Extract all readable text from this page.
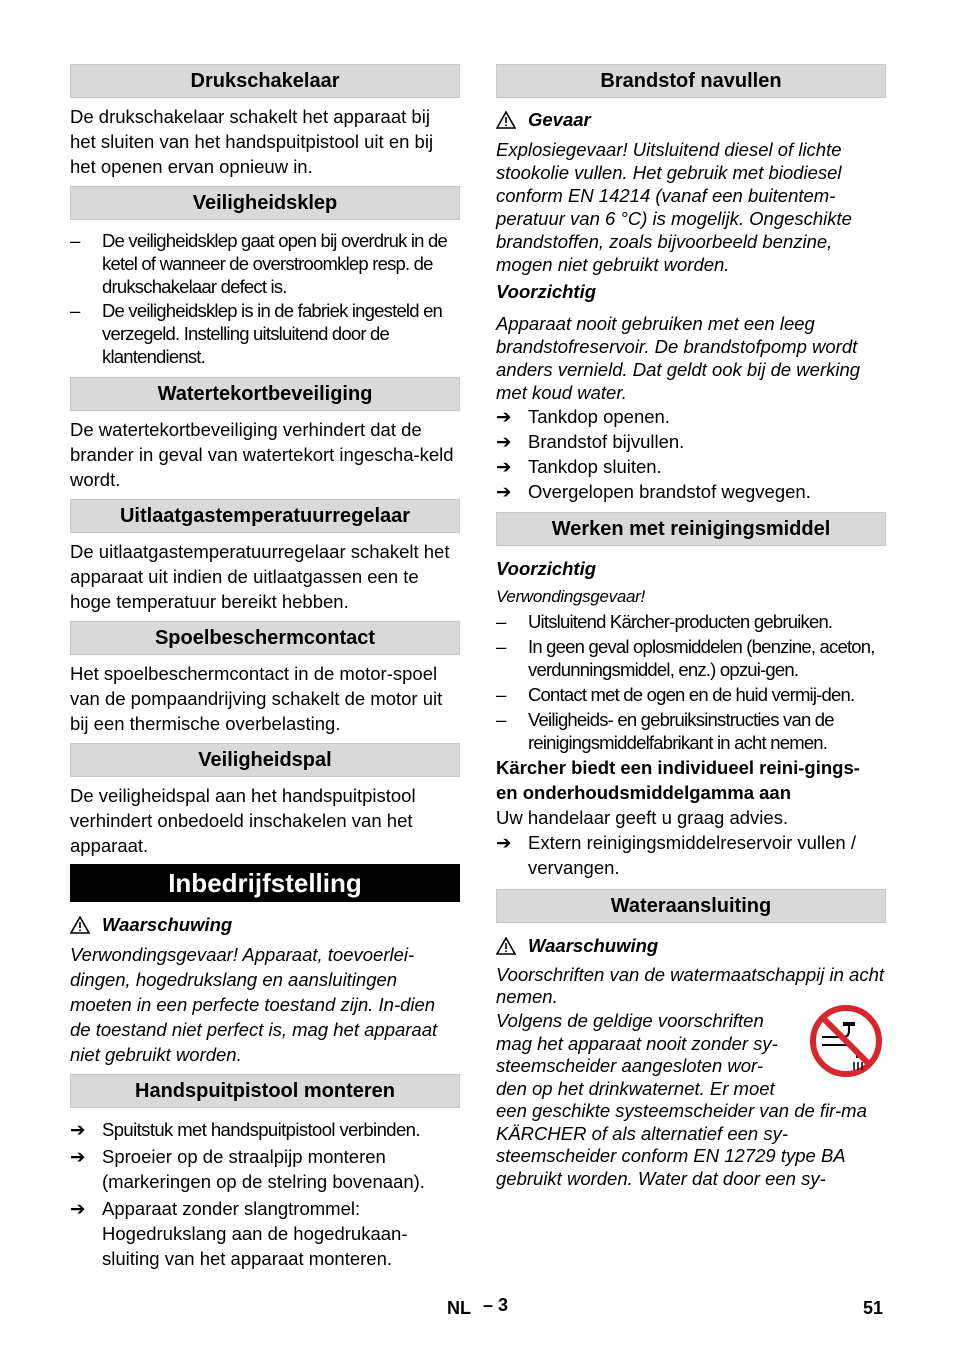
Drukschakelaar

De drukschakelaar schakelt het apparaat bij het sluiten van het handspuitpistool uit en bij het openen ervan opnieuw in.

Veiligheidsklep
–	De veiligheidsklep gaat open bij overdruk in de ketel of wanneer de overstroomklep resp. de drukschakelaar defect is.
–	De veiligheidsklep is in de fabriek ingesteld en verzegeld. Instelling uitsluitend door de klantendienst.
Watertekortbeveiliging

De watertekortbeveiliging verhindert dat de brander in geval van watertekort ingescha-keld wordt.

Uitlaatgastemperatuurregelaar

De uitlaatgastemperatuurregelaar schakelt het apparaat uit indien de uitlaatgassen een te hoge temperatuur bereikt hebben.

Spoelbeschermcontact

Het spoelbeschermcontact in de motor-spoel van de pompaandrijving schakelt de motor uit bij een thermische overbelasting.

Veiligheidspal

De veiligheidspal aan het handspuitpistool verhindert onbedoeld inschakelen van het apparaat.

Inbedrijfstelling
Waarschuwing

Verwondingsgevaar! Apparaat, toevoerlei-dingen, hogedrukslang en aansluitingen moeten in een perfecte toestand zijn. In-dien de toestand niet perfect is, mag het apparaat niet gebruikt worden.

Handspuitpistool monteren
➔ Spuitstuk met handspuitpistool verbinden.
➔ Sproeier op de straalpijp monteren (markeringen op de stelring bovenaan).
➔ Apparaat zonder slangtrommel: Hogedrukslang aan de hogedrukaan-sluiting van het apparaat monteren.
Brandstof navullen
Gevaar

Explosiegevaar! Uitsluitend diesel of lichte stookolie vullen. Het gebruik met biodiesel conform EN 14214 (vanaf een buitentem-peratuur van 6 °C) is mogelijk. Ongeschikte brandstoffen, zoals bijvoorbeeld benzine, mogen niet gebruikt worden.

Voorzichtig

Apparaat nooit gebruiken met een leeg brandstofreservoir. De brandstofpomp wordt anders vernield. Dat geldt ook bij de werking met koud water.

➔ Tankdop openen.
➔ Brandstof bijvullen.
➔ Tankdop sluiten.
➔ Overgelopen brandstof wegvegen.
Werken met reinigingsmiddel
Voorzichtig

Verwondingsgevaar!

–	Uitsluitend Kärcher-producten gebruiken.
–	In geen geval oplosmiddelen (benzine, aceton, verdunningsmiddel, enz.) opzui-gen.
–	Contact met de ogen en de huid vermij-den.
–	Veiligheids- en gebruiksinstructies van de reinigingsmiddelfabrikant in acht nemen.

Kärcher biedt een individueel reini-gings- en onderhoudsmiddelgamma aan

Uw handelaar geeft u graag advies.

➔ Extern reinigingsmiddelreservoir vullen / vervangen.
Wateraansluiting
Waarschuwing

Voorschriften van de watermaatschappij in acht nemen.

Volgens de geldige voorschriften
mag het apparaat nooit zonder sy-
steemscheider aangesloten wor-
den op het drinkwaternet. Er moet

een geschikte systeemscheider van de fir-ma KÄRCHER of als alternatief een sy-steemscheider conform EN 12729 type BA gebruikt worden. Water dat door een sy-

NL – 3	51
